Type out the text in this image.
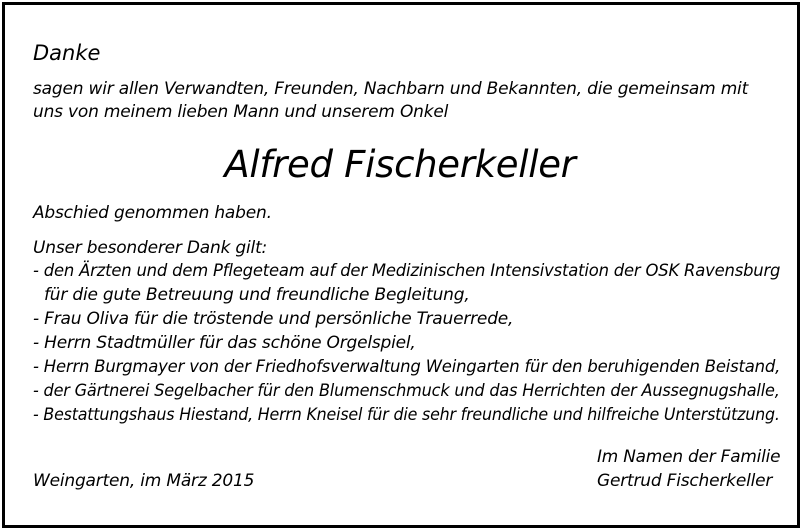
Danke
sagen wir allen Verwandten, Freunden, Nachbarn und Bekannten, die gemeinsam mit
uns von meinem lieben Mann und unserem Onkel
Alfred Fischerkeller
Abschied genommen haben.
Unser besonderer Dank gilt:
- den Ärzten und dem Pflegeteam auf der Medizinischen Intensivstation der OSK Ravensburg
für die gute Betreuung und freundliche Begleitung,
- Frau Oliva für die tröstende und persönliche Trauerrede,
- Herrn Stadtmüller für das schöne Orgelspiel,
- Herrn Burgmayer von der Friedhofsverwaltung Weingarten für den beruhigenden Beistand,
- der Gärtnerei Segelbacher für den Blumenschmuck und das Herrichten der Aussegnugshalle,
- Bestattungshaus Hiestand, Herrn Kneisel für die sehr freundliche und hilfreiche Unterstützung.
Im Namen der Familie
Weingarten, im März 2015	Gertrud Fischerkeller
